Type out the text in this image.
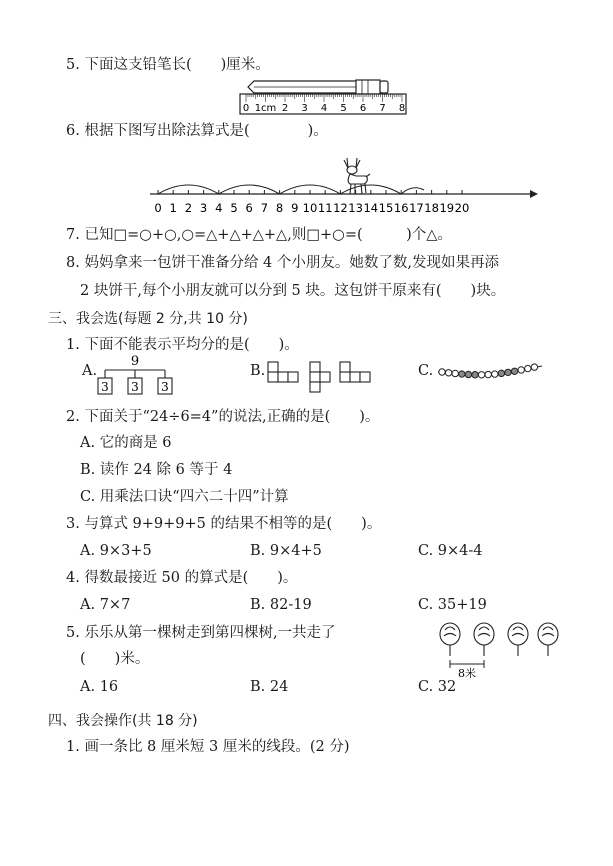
5. 下面这支铅笔长(　　)厘米。
0 1cm 2 3 4 5 6 7 8
6. 根据下图写出除法算式是(　　　　)。
0 1 2 3 4 5 6 7 8 9 10 11 12 13 14 15 16 17 18 19 20
7. 已知□=○+○,○=△+△+△+△,则□+○=(　　　)个△。
8. 妈妈拿来一包饼干准备分给 4 个小朋友。她数了数,发现如果再添
2 块饼干,每个小朋友就可以分到 5 块。这包饼干原来有(　　)块。
三、我会选(每题 2 分,共 10 分)
1. 下面不能表示平均分的是(　　)。
A.
9
3 3 3
B.	C.
2. 下面关于“24÷6=4”的说法,正确的是(　　)。
A. 它的商是 6
B. 读作 24 除 6 等于 4
C. 用乘法口诀“四六二十四”计算
3. 与算式 9+9+9+5 的结果不相等的是(　　)。
A. 9×3+5	B. 9×4+5	C. 9×4-4
4. 得数最接近 50 的算式是(　　)。
A. 7×7	B. 82-19	C. 35+19
5. 乐乐从第一棵树走到第四棵树,一共走了
(　　)米。
8米
A. 16	B. 24	C. 32
四、我会操作(共 18 分)
1. 画一条比 8 厘米短 3 厘米的线段。(2 分)
